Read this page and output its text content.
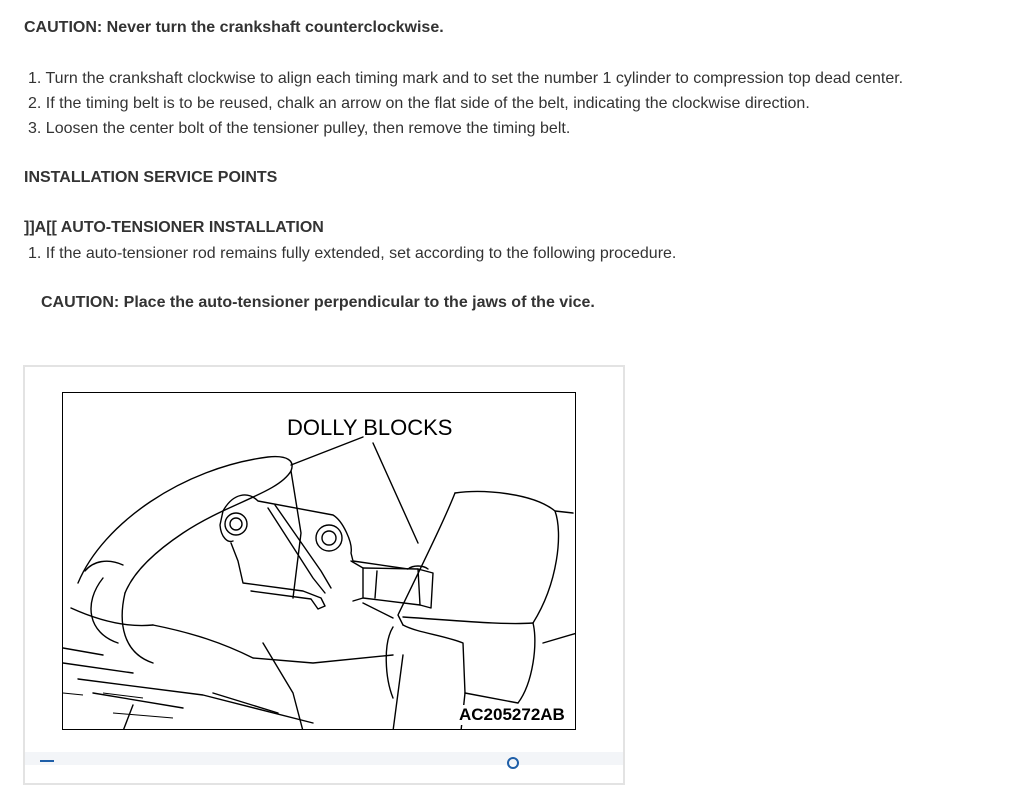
CAUTION: Never turn the crankshaft counterclockwise.
1. Turn the crankshaft clockwise to align each timing mark and to set the number 1 cylinder to compression top dead center.
2. If the timing belt is to be reused, chalk an arrow on the flat side of the belt, indicating the clockwise direction.
3. Loosen the center bolt of the tensioner pulley, then remove the timing belt.
INSTALLATION SERVICE POINTS
]]A[[ AUTO-TENSIONER INSTALLATION
1. If the auto-tensioner rod remains fully extended, set according to the following procedure.
CAUTION: Place the auto-tensioner perpendicular to the jaws of the vice.
DOLLY BLOCKS
AC205272AB
